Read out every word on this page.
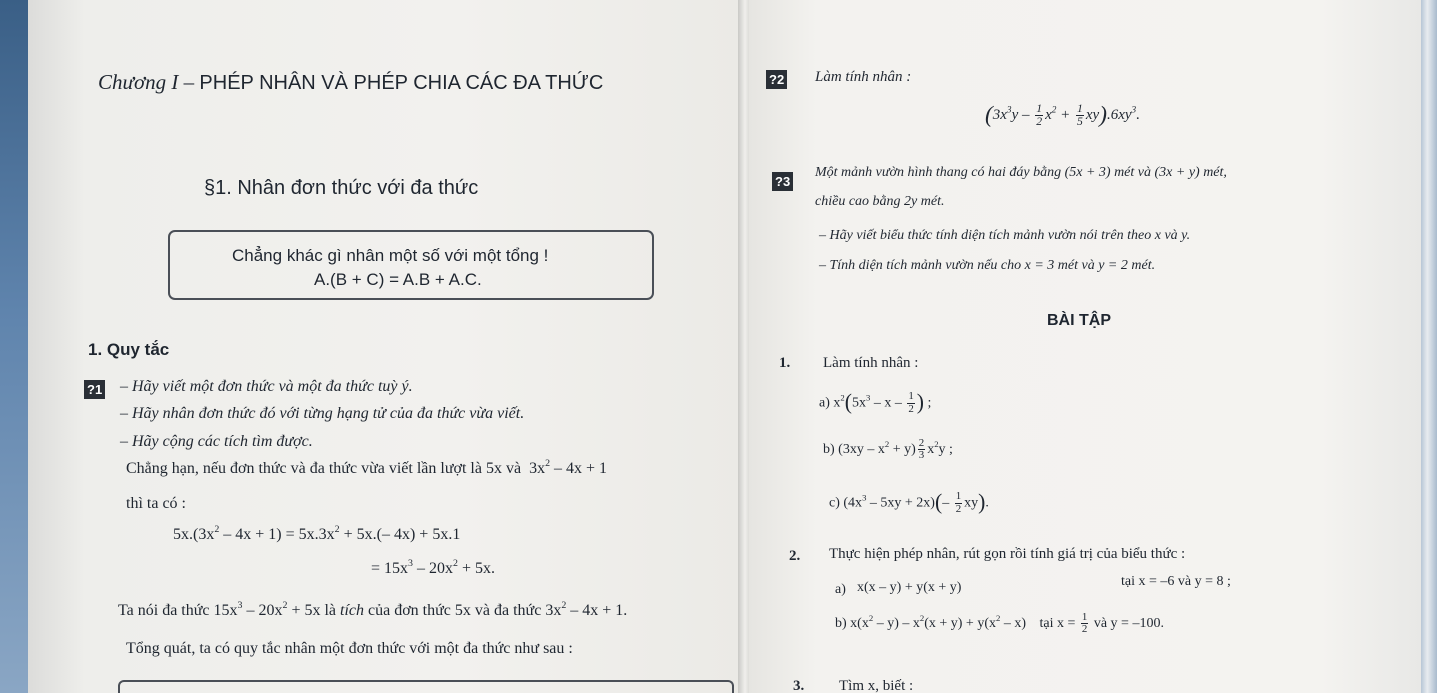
Chương I – PHÉP NHÂN VÀ PHÉP CHIA CÁC ĐA THỨC
§1. Nhân đơn thức với đa thức
Chẳng khác gì nhân một số với một tổng !
A.(B + C) = A.B + A.C.
1. Quy tắc
?1 – Hãy viết một đơn thức và một đa thức tuỳ ý.
– Hãy nhân đơn thức đó với từng hạng tử của đa thức vừa viết.
– Hãy cộng các tích tìm được.
Chẳng hạn, nếu đơn thức và đa thức vừa viết lần lượt là 5x và $3x^2 - 4x + 1$
thì ta có :
$5x.(3x^2 - 4x + 1) = 5x.3x^2 + 5x.(-$ 4x) + 5x.1
= $15x^3 - 20x^2 + 5x$.
Ta nói đa thức $15x^3 - 20x^2 + 5x$ là tích của đơn thức 5x và đa thức $3x^2 - 4x + 1$.
Tổng quát, ta có quy tắc nhân một đơn thức với một đa thức như sau :
?2 Làm tính nhân :
$(3x^3y - \frac{1}{2} x^2 + \frac{1}{5} xy).6xy^3$.
?3
Một mảnh vườn hình thang có hai đáy bằng (5x + 3) mét và (3x + y) mét,
chiều cao bằng 2y mét.
– Hãy viết biểu thức tính diện tích mảnh vườn nói trên theo x và y.
– Tính diện tích mảnh vườn nếu cho x = 3 mét và y = 2 mét.
BÀI TẬP
1. Làm tính nhân :
a) $x^2(5x^3$ – x – $\frac{1}{2}$ ) ;
b) $(3xy - x^2 + y) \frac{2}{3} x^2y$ ;
c) $(4x^3 - 5xy + 2x)(- \frac{1}{2} xy)$.
2. Thực hiện phép nhân, rút gọn rồi tính giá trị của biểu thức :
a) x(x – y) + y(x + y)	tại x = –6 và y = 8 ;
b) $x(x^2 - y) - x^2(x + y) + y(x^2 - x)$ tại $x = \frac{1}{2}$ và y = –100.
3. Tìm x, biết :
